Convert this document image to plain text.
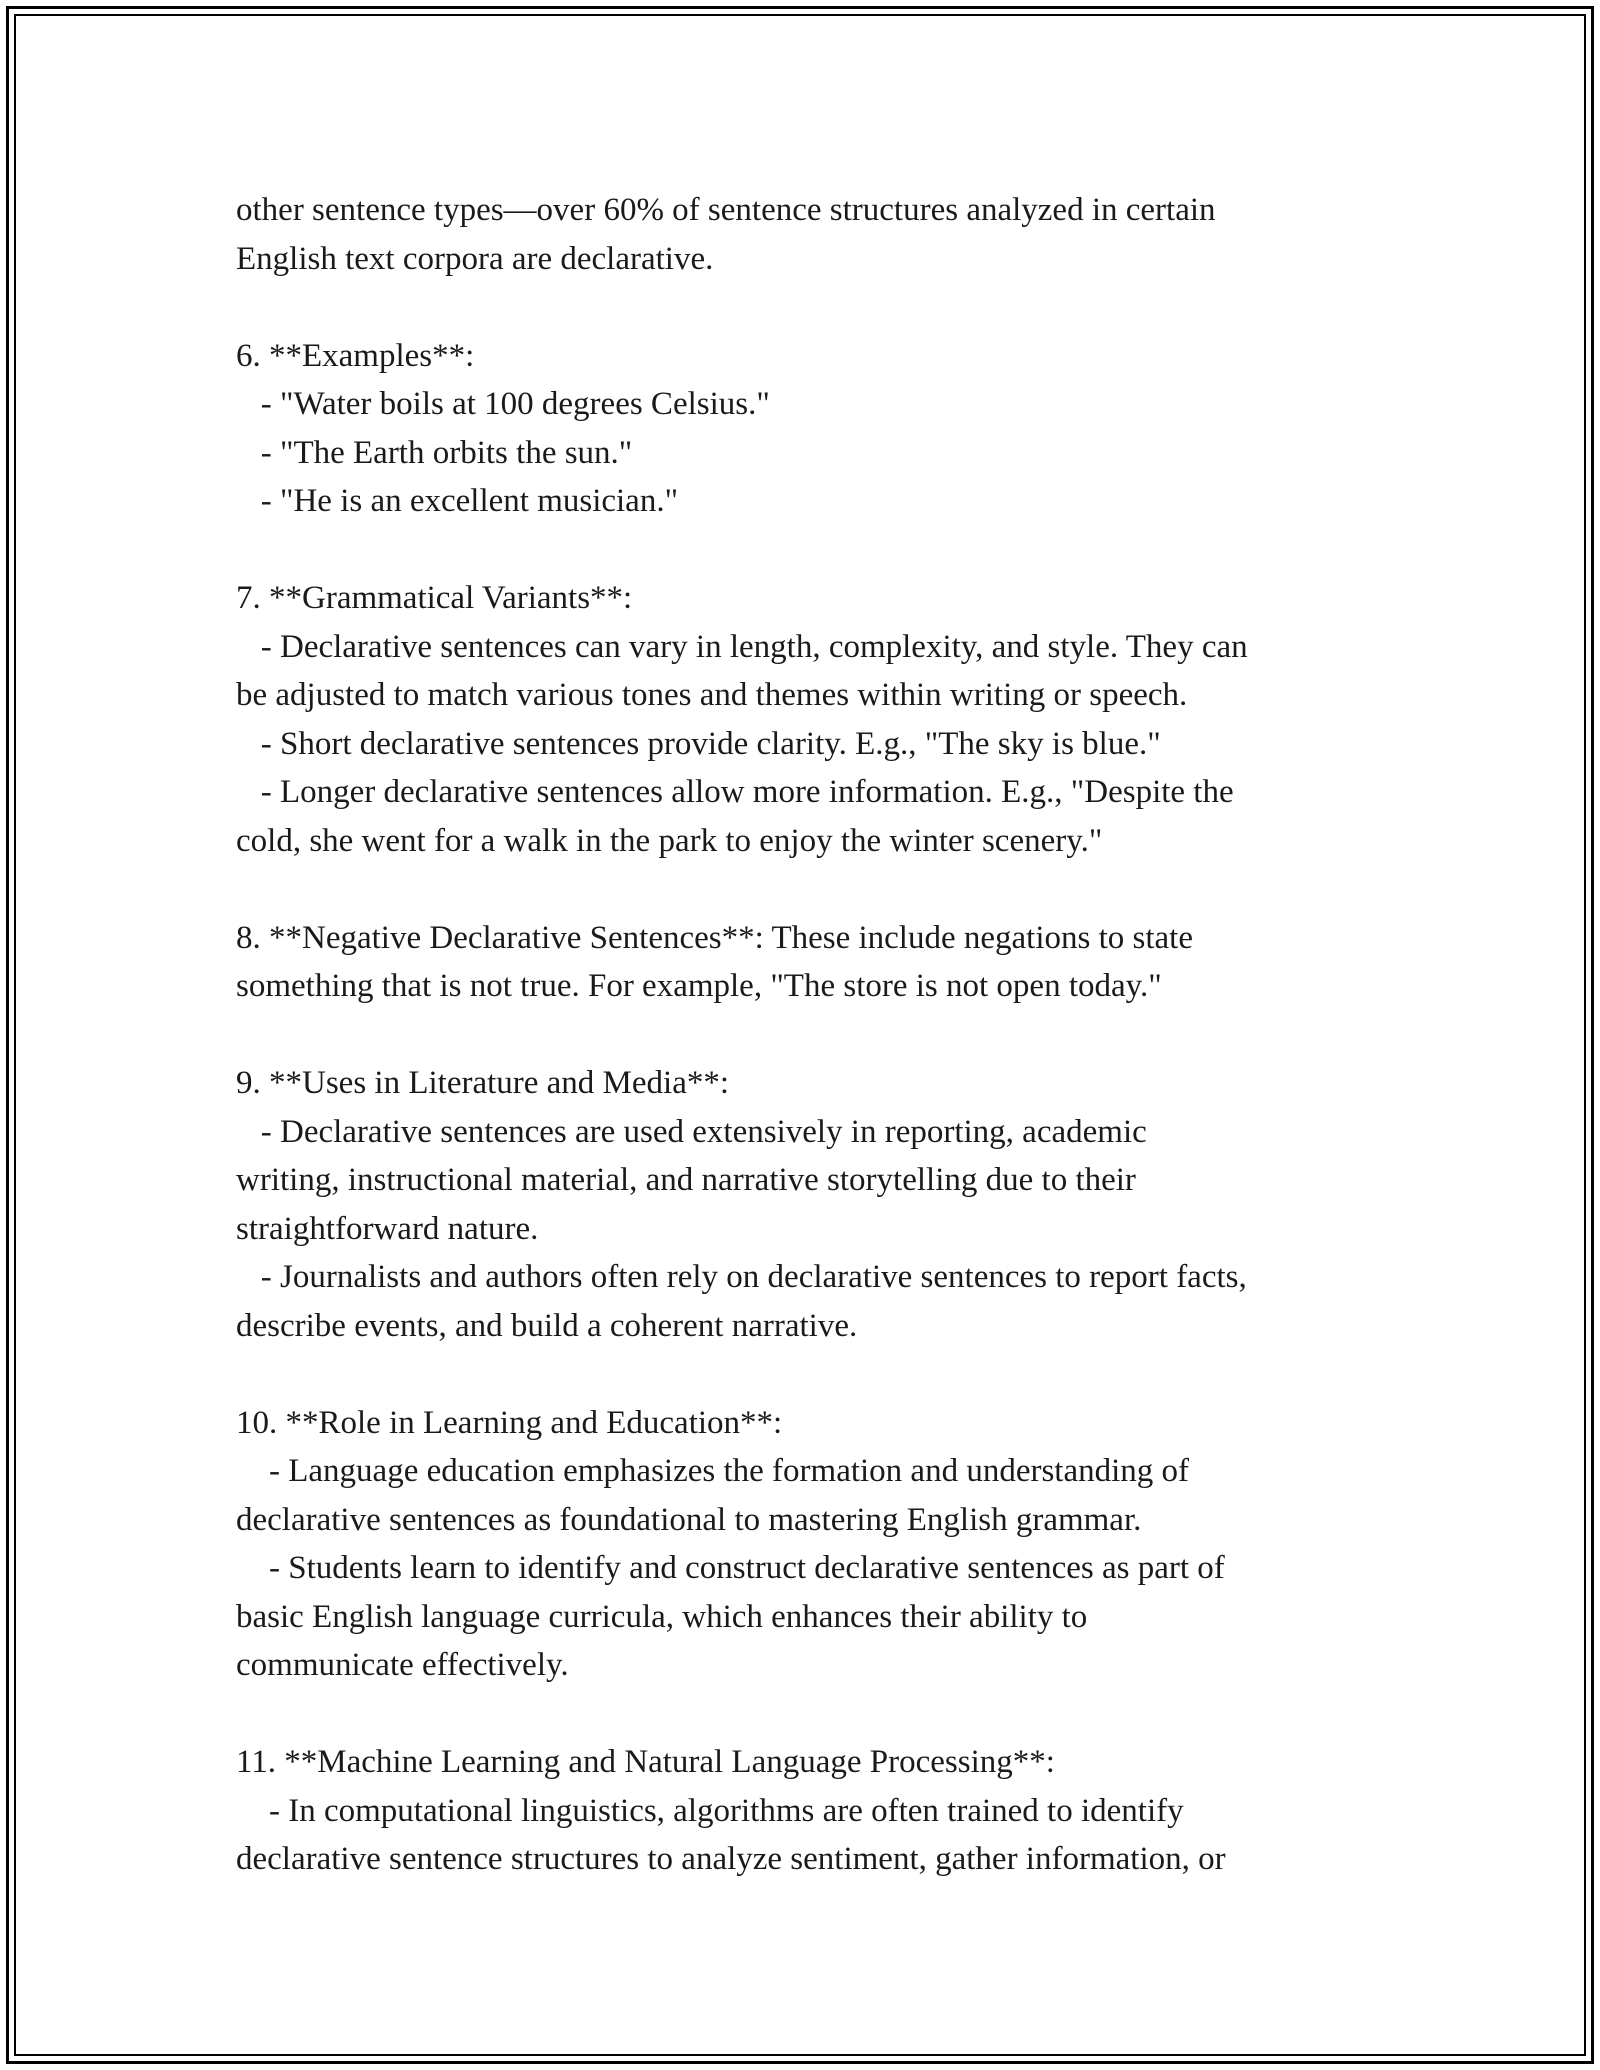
other sentence types—over 60% of sentence structures analyzed in certain
English text corpora are declarative.
6. **Examples**:
- "Water boils at 100 degrees Celsius."
- "The Earth orbits the sun."
- "He is an excellent musician."
7. **Grammatical Variants**:
- Declarative sentences can vary in length, complexity, and style. They can
be adjusted to match various tones and themes within writing or speech.
- Short declarative sentences provide clarity. E.g., "The sky is blue."
- Longer declarative sentences allow more information. E.g., "Despite the
cold, she went for a walk in the park to enjoy the winter scenery."
8. **Negative Declarative Sentences**: These include negations to state
something that is not true. For example, "The store is not open today."
9. **Uses in Literature and Media**:
- Declarative sentences are used extensively in reporting, academic
writing, instructional material, and narrative storytelling due to their
straightforward nature.
- Journalists and authors often rely on declarative sentences to report facts,
describe events, and build a coherent narrative.
10. **Role in Learning and Education**:
- Language education emphasizes the formation and understanding of
declarative sentences as foundational to mastering English grammar.
- Students learn to identify and construct declarative sentences as part of
basic English language curricula, which enhances their ability to
communicate effectively.
11. **Machine Learning and Natural Language Processing**:
- In computational linguistics, algorithms are often trained to identify
declarative sentence structures to analyze sentiment, gather information, or
